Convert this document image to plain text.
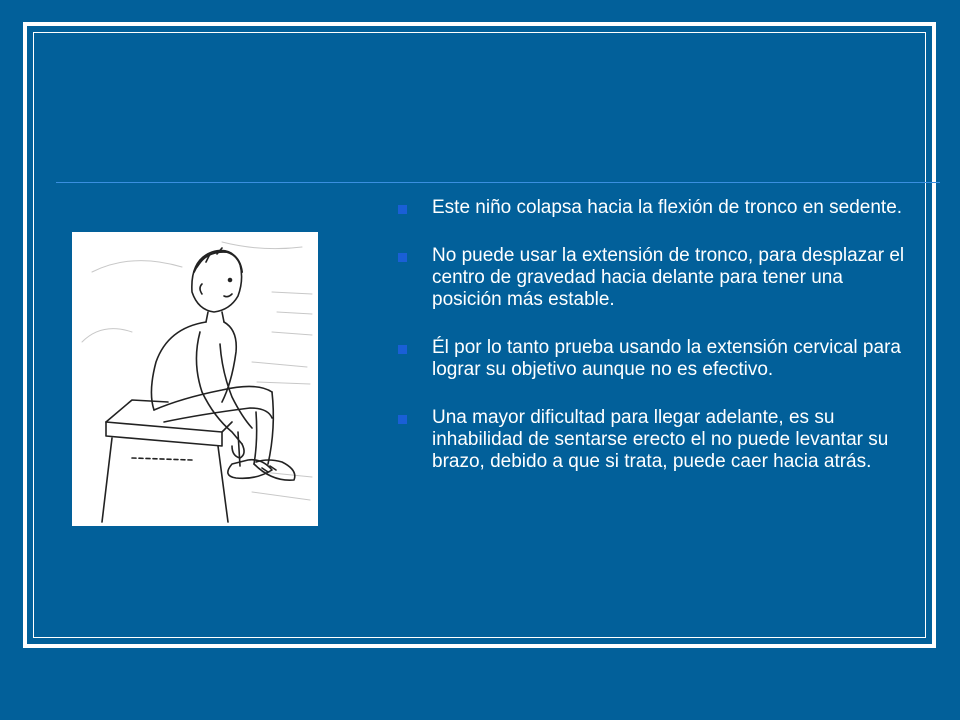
Este niño colapsa hacia la flexión de tronco en sedente.
No puede usar la extensión de tronco, para desplazar el centro de gravedad hacia delante para tener una posición más estable.
Él por lo tanto prueba usando la extensión cervical para lograr su objetivo aunque no es efectivo.
Una mayor dificultad para llegar adelante, es su inhabilidad de sentarse erecto el no puede levantar su brazo, debido a que si trata, puede caer hacia atrás.
